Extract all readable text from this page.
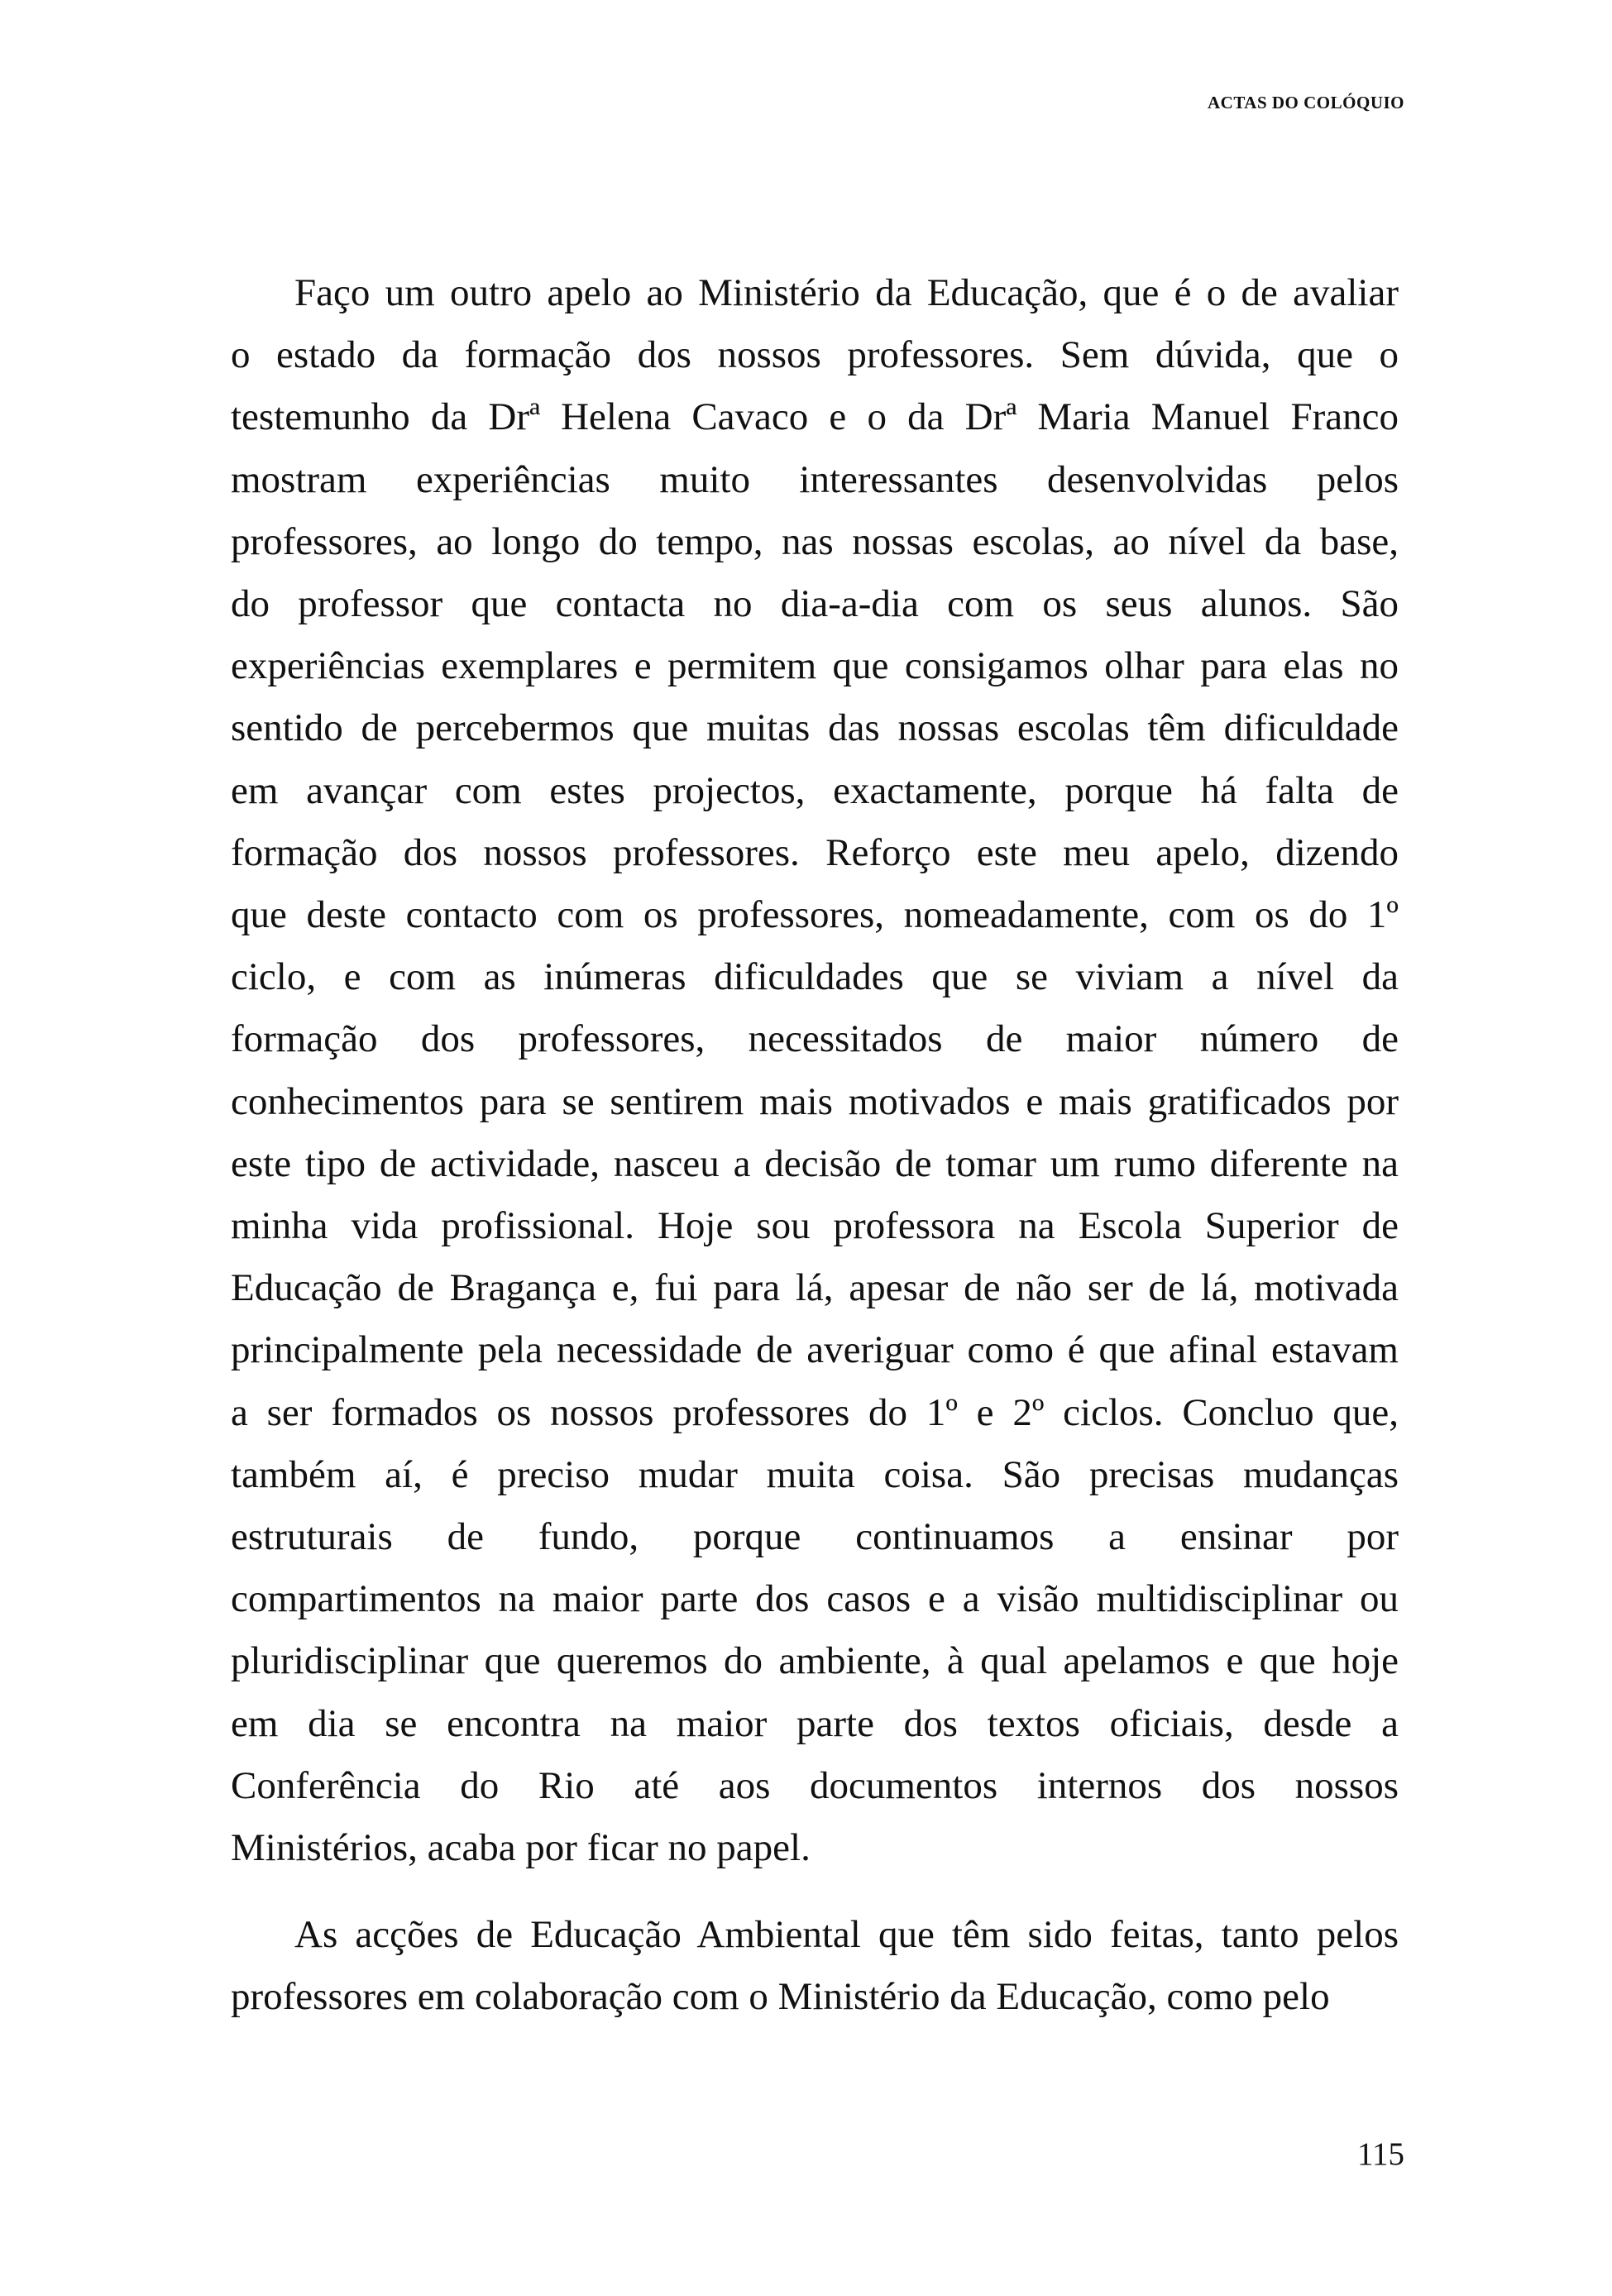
ACTAS DO COLÓQUIO

Faço um outro apelo ao Ministério da Educação, que é o de avaliar
o estado da formação dos nossos professores. Sem dúvida, que o
testemunho da Drª Helena Cavaco e o da Drª Maria Manuel Franco
mostram experiências muito interessantes desenvolvidas pelos
professores, ao longo do tempo, nas nossas escolas, ao nível da base,
do professor que contacta no dia-a-dia com os seus alunos. São
experiências exemplares e permitem que consigamos olhar para elas no
sentido de percebermos que muitas das nossas escolas têm dificuldade
em avançar com estes projectos, exactamente, porque há falta de
formação dos nossos professores. Reforço este meu apelo, dizendo
que deste contacto com os professores, nomeadamente, com os do 1º
ciclo, e com as inúmeras dificuldades que se viviam a nível da
formação dos professores, necessitados de maior número de
conhecimentos para se sentirem mais motivados e mais gratificados por
este tipo de actividade, nasceu a decisão de tomar um rumo diferente na
minha vida profissional. Hoje sou professora na Escola Superior de
Educação de Bragança e, fui para lá, apesar de não ser de lá, motivada
principalmente pela necessidade de averiguar como é que afinal estavam
a ser formados os nossos professores do 1º e 2º ciclos. Concluo que,
também aí, é preciso mudar muita coisa. São precisas mudanças
estruturais de fundo, porque continuamos a ensinar por
compartimentos na maior parte dos casos e a visão multidisciplinar ou
pluridisciplinar que queremos do ambiente, à qual apelamos e que hoje
em dia se encontra na maior parte dos textos oficiais, desde a
Conferência do Rio até aos documentos internos dos nossos
Ministérios, acaba por ficar no papel.
As acções de Educação Ambiental que têm sido feitas, tanto pelos
professores em colaboração com o Ministério da Educação, como pelo

115
